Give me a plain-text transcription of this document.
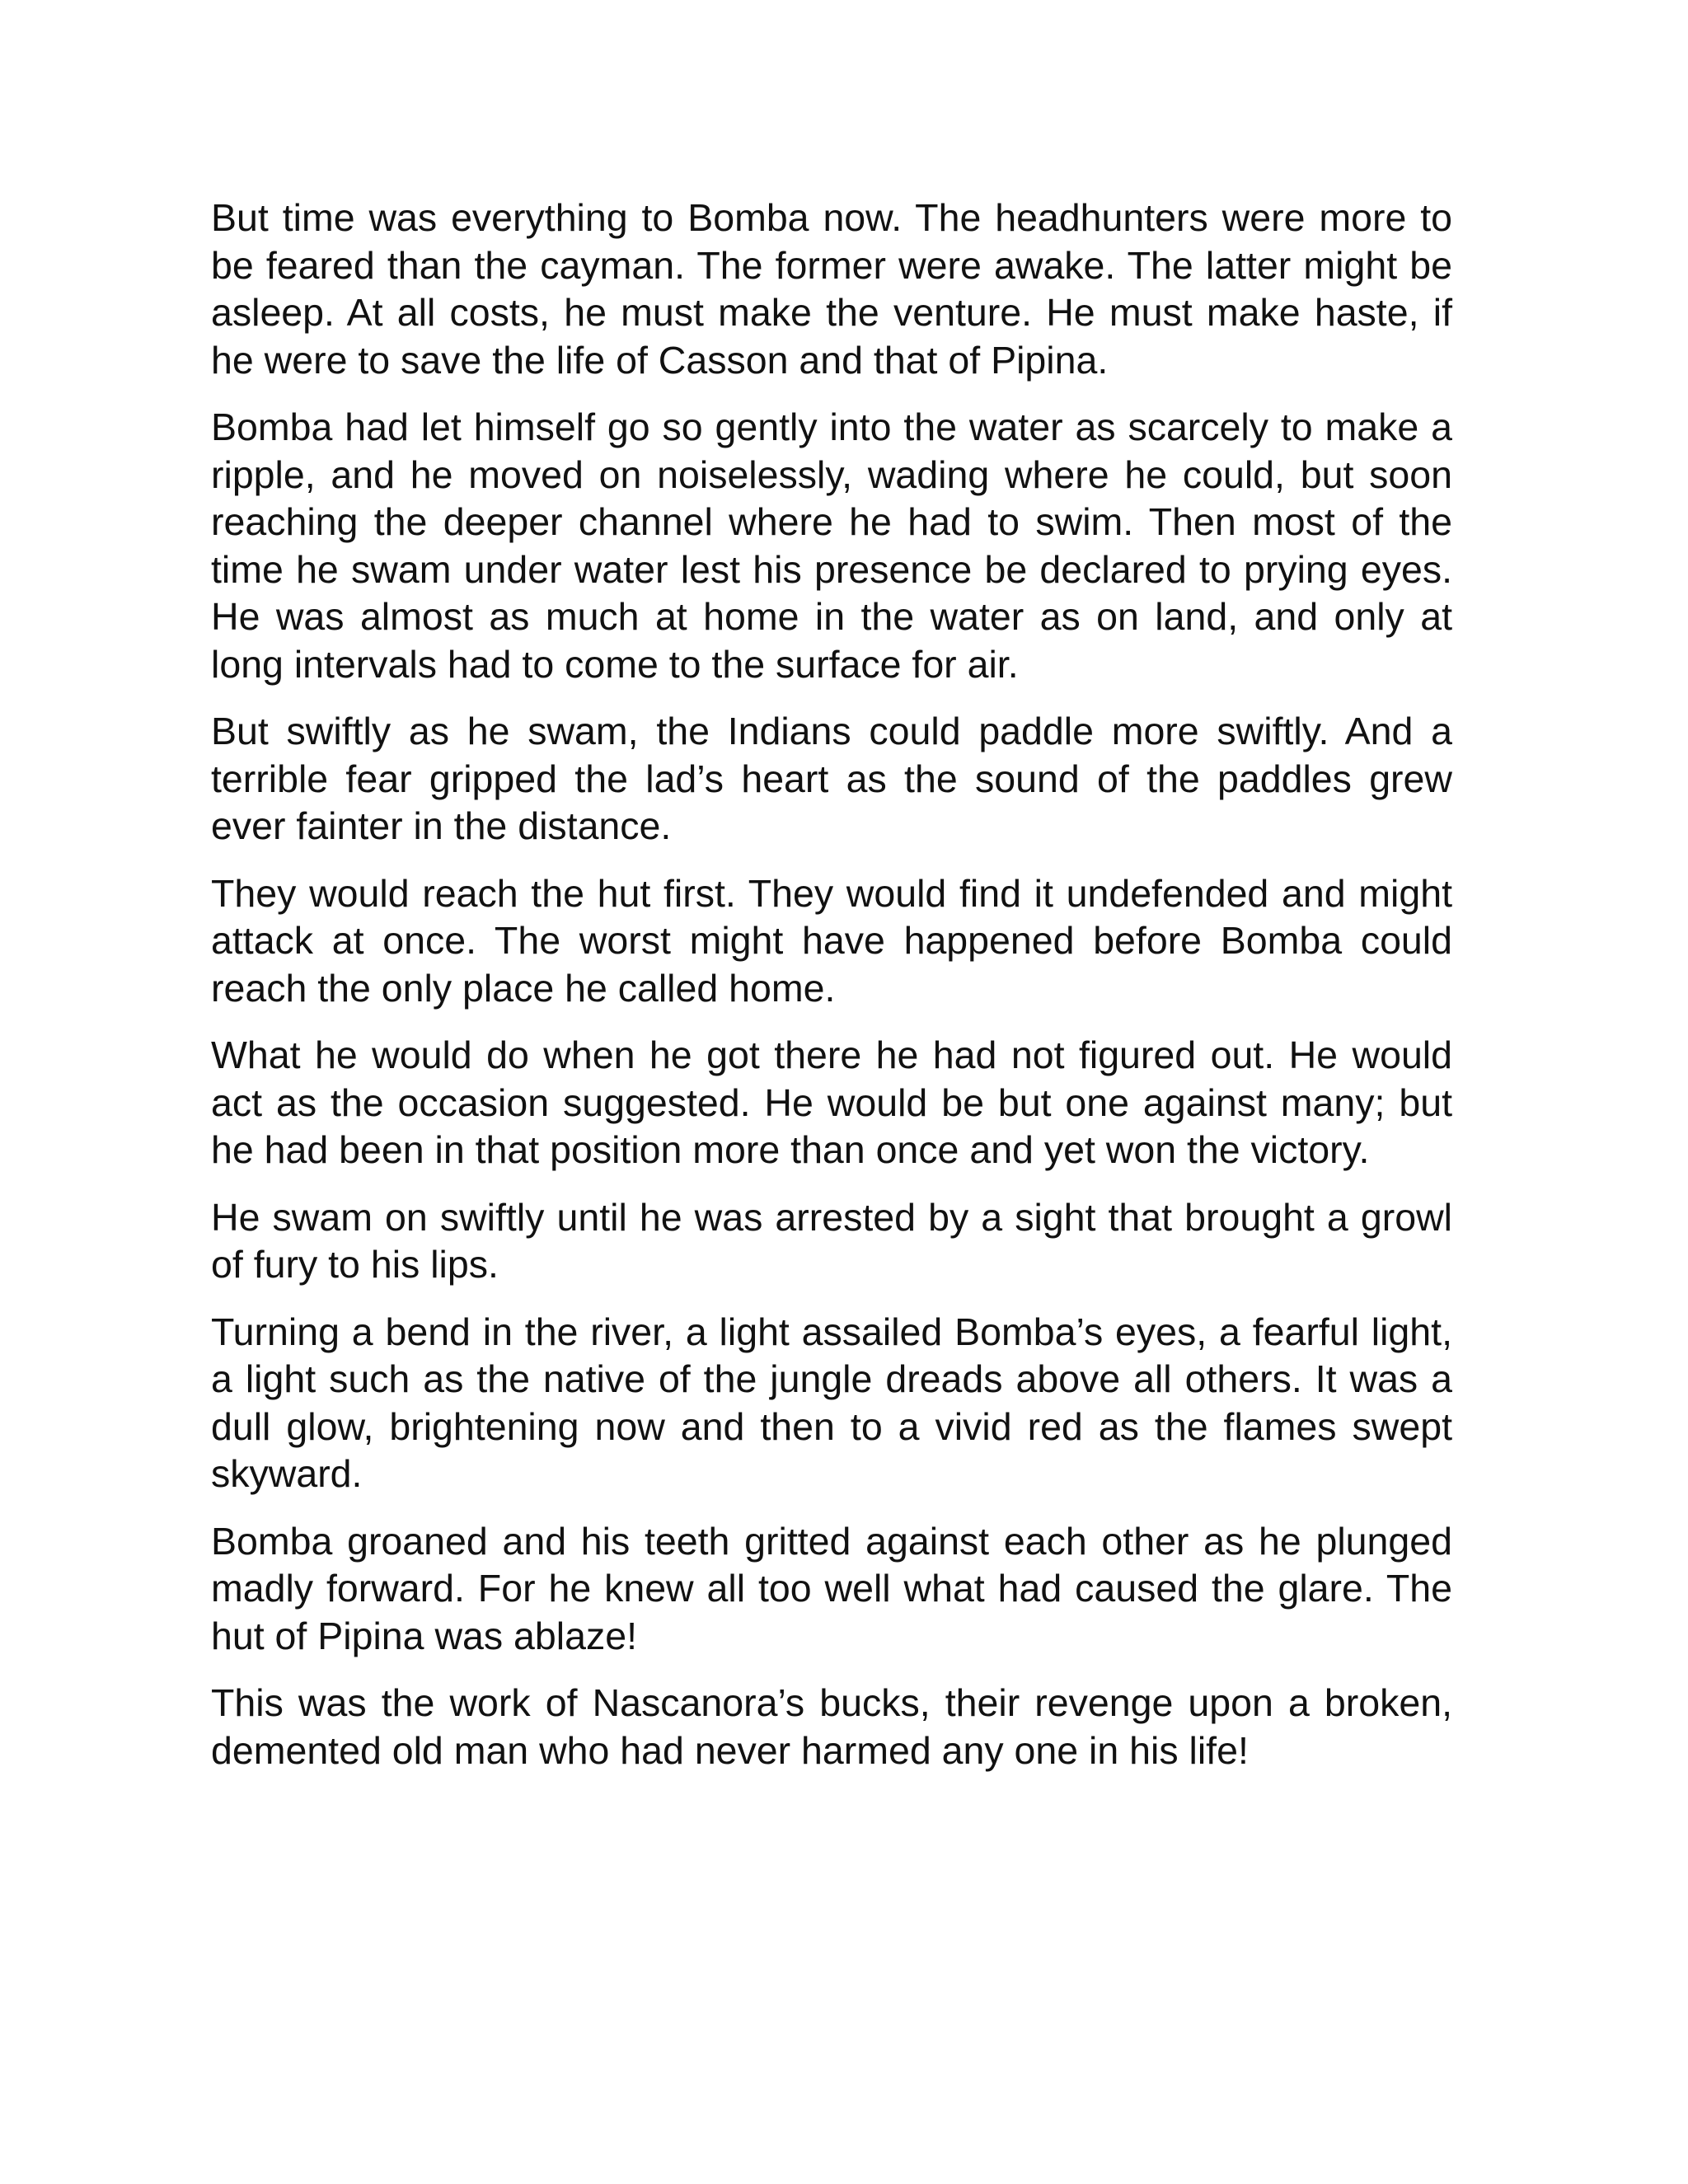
But time was everything to Bomba now. The headhunters were more to be feared than the cayman. The former were awake. The latter might be asleep. At all costs, he must make the venture. He must make haste, if he were to save the life of Casson and that of Pipina.

Bomba had let himself go so gently into the water as scarcely to make a ripple, and he moved on noiselessly, wading where he could, but soon reaching the deeper channel where he had to swim. Then most of the time he swam under water lest his presence be declared to prying eyes. He was almost as much at home in the water as on land, and only at long intervals had to come to the surface for air.

But swiftly as he swam, the Indians could paddle more swiftly. And a terrible fear gripped the lad’s heart as the sound of the paddles grew ever fainter in the distance.

They would reach the hut first. They would find it undefended and might attack at once. The worst might have happened before Bomba could reach the only place he called home.

What he would do when he got there he had not figured out. He would act as the occasion suggested. He would be but one against many; but he had been in that position more than once and yet won the victory.

He swam on swiftly until he was arrested by a sight that brought a growl of fury to his lips.

Turning a bend in the river, a light assailed Bomba’s eyes, a fearful light, a light such as the native of the jungle dreads above all others. It was a dull glow, brightening now and then to a vivid red as the flames swept skyward.

Bomba groaned and his teeth gritted against each other as he plunged madly forward. For he knew all too well what had caused the glare. The hut of Pipina was ablaze!

This was the work of Nascanora’s bucks, their revenge upon a broken, demented old man who had never harmed any one in his life!
